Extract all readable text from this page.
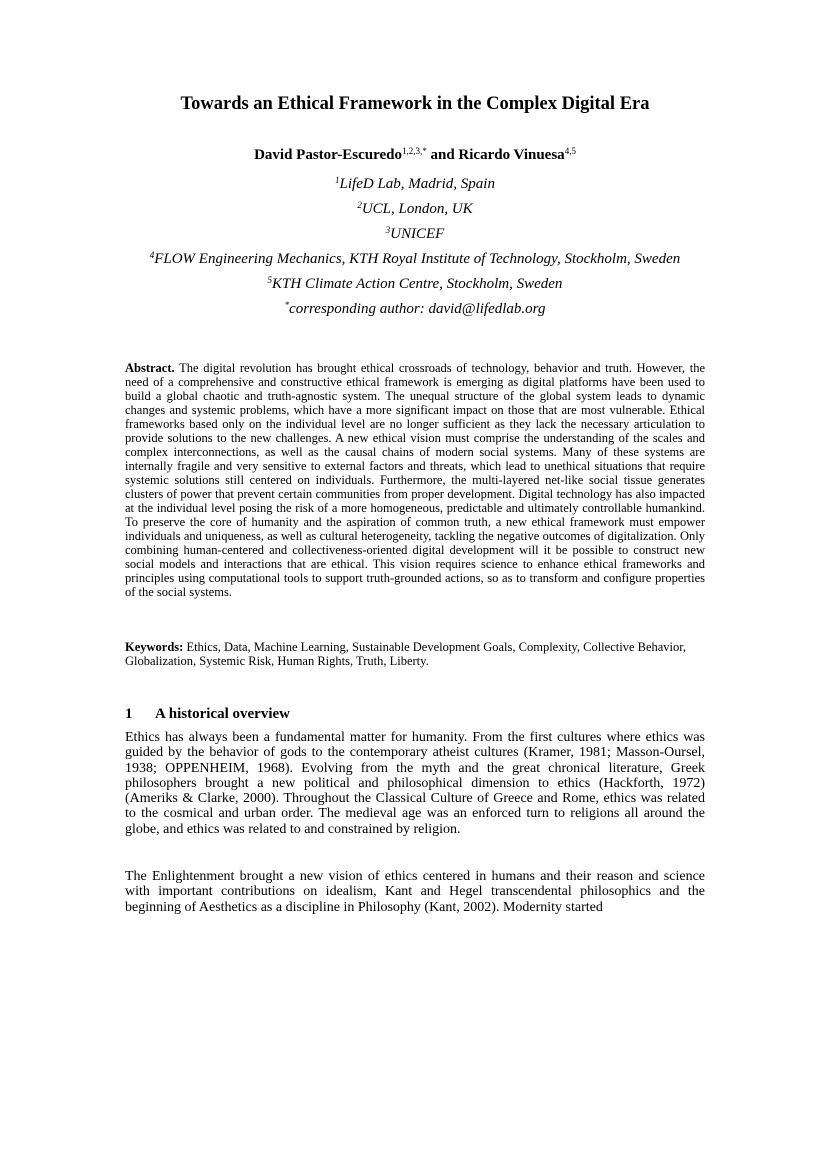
Towards an Ethical Framework in the Complex Digital Era
David Pastor-Escuredo$^{1,2,3,*}$ and Ricardo Vinuesa$^{4,5}$
$^1$LifeD Lab, Madrid, Spain
$^2$UCL, London, UK
$^3$UNICEF
$^4$FLOW Engineering Mechanics, KTH Royal Institute of Technology, Stockholm, Sweden
$^5$KTH Climate Action Centre, Stockholm, Sweden
*corresponding author: david@lifedlab.org
Abstract. The digital revolution has brought ethical crossroads of technology, behavior and truth. However, the need of a comprehensive and constructive ethical framework is emerging as digital platforms have been used to build a global chaotic and truth-agnostic system. The unequal structure of the global system leads to dynamic changes and systemic problems, which have a more significant impact on those that are most vulnerable. Ethical frameworks based only on the individual level are no longer sufficient as they lack the necessary articulation to provide solutions to the new challenges. A new ethical vision must comprise the understanding of the scales and complex interconnections, as well as the causal chains of modern social systems. Many of these systems are internally fragile and very sensitive to external factors and threats, which lead to unethical situations that require systemic solutions still centered on individuals. Furthermore, the multi-layered net-like social tissue generates clusters of power that prevent certain communities from proper development. Digital technology has also impacted at the individual level posing the risk of a more homogeneous, predictable and ultimately controllable humankind. To preserve the core of humanity and the aspiration of common truth, a new ethical framework must empower individuals and uniqueness, as well as cultural heterogeneity, tackling the negative outcomes of digitalization. Only combining human-centered and collectiveness-oriented digital development will it be possible to construct new social models and interactions that are ethical. This vision requires science to enhance ethical frameworks and principles using computational tools to support truth-grounded actions, so as to transform and configure properties of the social systems.
Keywords: Ethics, Data, Machine Learning, Sustainable Development Goals, Complexity, Collective Behavior, Globalization, Systemic Risk, Human Rights, Truth, Liberty.
1 A historical overview

Ethics has always been a fundamental matter for humanity. From the first cultures where ethics was guided by the behavior of gods to the contemporary atheist cultures (Kramer, 1981; Masson-Oursel, 1938; OPPENHEIM, 1968). Evolving from the myth and the great chronical literature, Greek philosophers brought a new political and philosophical dimension to ethics (Hackforth, 1972) (Ameriks & Clarke, 2000). Throughout the Classical Culture of Greece and Rome, ethics was related to the cosmical and urban order. The medieval age was an enforced turn to religions all around the globe, and ethics was related to and constrained by religion.

The Enlightenment brought a new vision of ethics centered in humans and their reason and science with important contributions on idealism, Kant and Hegel transcendental philosophics and the beginning of Aesthetics as a discipline in Philosophy (Kant, 2002). Modernity started
